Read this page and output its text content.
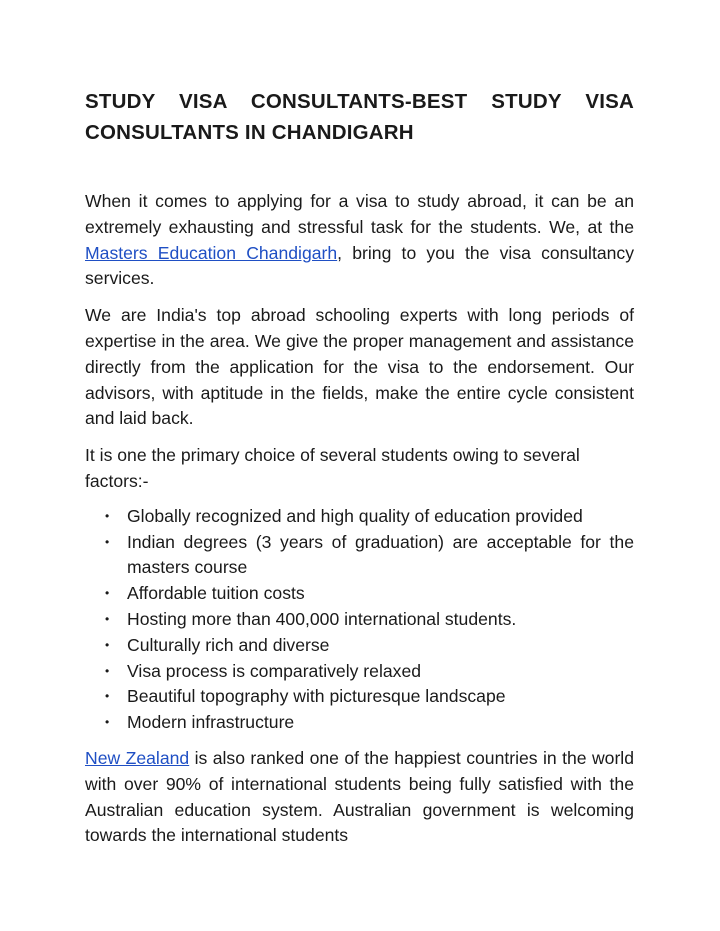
STUDY VISA CONSULTANTS-BEST STUDY VISA CONSULTANTS IN CHANDIGARH

When it comes to applying for a visa to study abroad, it can be an extremely exhausting and stressful task for the students. We, at the Masters Education Chandigarh, bring to you the visa consultancy services.

We are India's top abroad schooling experts with long periods of expertise in the area. We give the proper management and assistance directly from the application for the visa to the endorsement. Our advisors, with aptitude in the fields, make the entire cycle consistent and laid back.

It is one the primary choice of several students owing to several factors:-

• Globally recognized and high quality of education provided
• Indian degrees (3 years of graduation) are acceptable for the masters course
• Affordable tuition costs
• Hosting more than 400,000 international students.
• Culturally rich and diverse
• Visa process is comparatively relaxed
• Beautiful topography with picturesque landscape
• Modern infrastructure

New Zealand is also ranked one of the happiest countries in the world with over 90% of international students being fully satisfied with the Australian education system. Australian government is welcoming towards the international students
